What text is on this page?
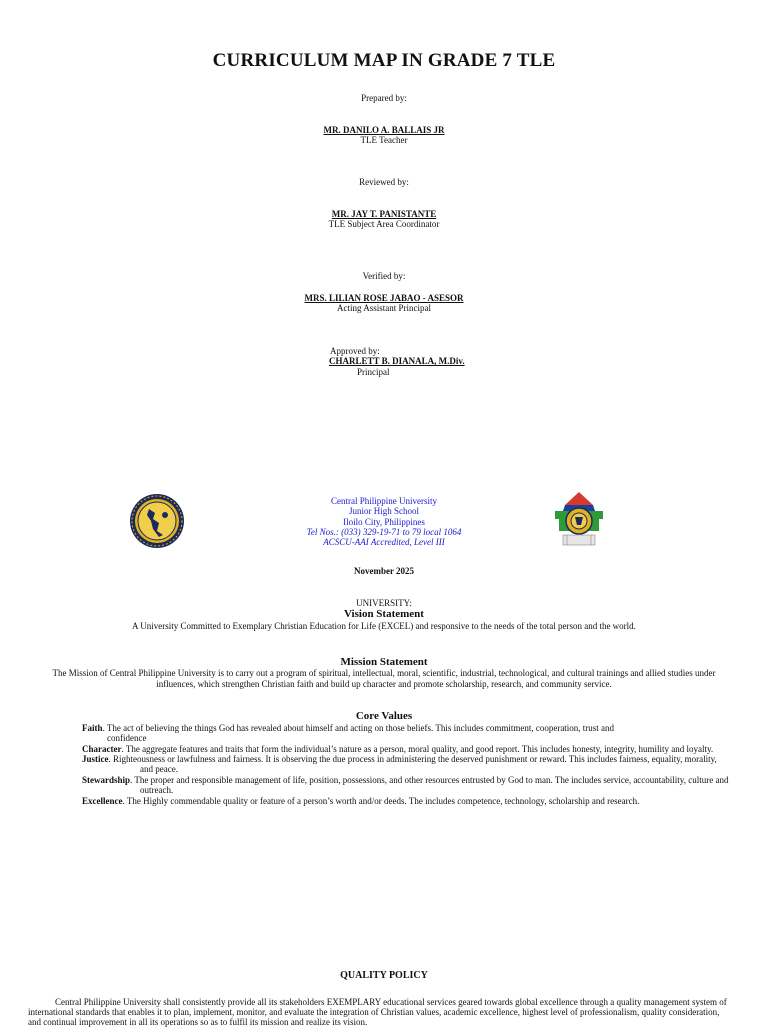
CURRICULUM MAP IN GRADE 7 TLE
Prepared by:
MR. DANILO A. BALLAIS JR
TLE Teacher
Reviewed by:
MR. JAY T. PANISTANTE
TLE Subject Area Coordinator
Verified by:
MRS. LILIAN ROSE JABAO - ASESOR
Acting Assistant Principal
Approved by:
CHARLETT B. DIANALA, M.Div.
Principal
Central Philippine University
Junior High School
Iloilo City, Philippines
Tel Nos.: (033) 329-19-71 to 79 local 1064
ACSCU-AAI Accredited, Level III
November 2025
UNIVERSITY:
Vision Statement
A University Committed to Exemplary Christian Education for Life (EXCEL) and responsive to the needs of the total person and the world.
Mission Statement
The Mission of Central Philippine University is to carry out a program of spiritual, intellectual, moral, scientific, industrial, technological, and cultural trainings and allied studies under
influences, which strengthen Christian faith and build up character and promote scholarship, research, and community service.
Core Values
Faith. The act of believing the things God has revealed about himself and acting on those beliefs. This includes commitment, cooperation, trust and
confidence
Character. The aggregate features and traits that form the individual’s nature as a person, moral quality, and good report. This includes honesty, integrity, humility and loyalty.
Justice. Righteousness or lawfulness and fairness. It is observing the due process in administering the deserved punishment or reward. This includes fairness, equality, morality,
and peace.
Stewardship. The proper and responsible management of life, position, possessions, and other resources entrusted by God to man. The includes service, accountability, culture and
outreach.
Excellence. The Highly commendable quality or feature of a person’s worth and/or deeds. The includes competence, technology, scholarship and research.
QUALITY POLICY
Central Philippine University shall consistently provide all its stakeholders EXEMPLARY educational services geared towards global excellence through a quality management system of
international standards that enables it to plan, implement, monitor, and evaluate the integration of Christian values, academic excellence, highest level of professionalism, quality consideration,
and continual improvement in all its operations so as to fulfil its mission and realize its vision.
